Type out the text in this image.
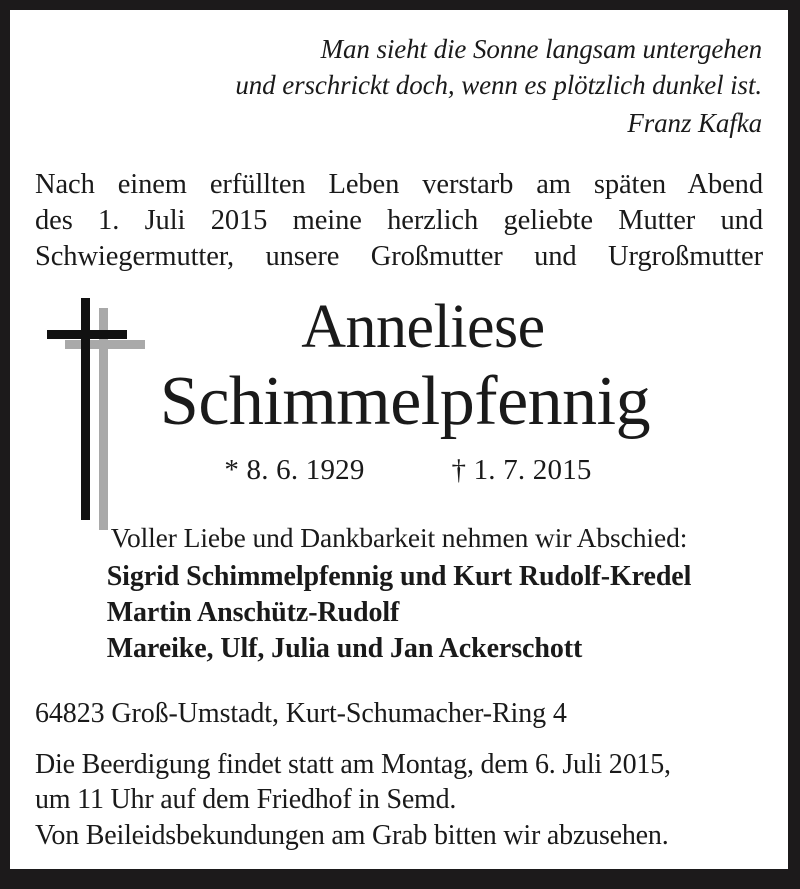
Man sieht die Sonne langsam untergehen
und erschrickt doch, wenn es plötzlich dunkel ist.
Franz Kafka
Nach einem erfüllten Leben verstarb am späten Abend
des 1. Juli 2015 meine herzlich geliebte Mutter und
Schwiegermutter, unsere Großmutter und Urgroßmutter
Anneliese
Schimmelpfennig
* 8. 6. 1929	† 1. 7. 2015
Voller Liebe und Dankbarkeit nehmen wir Abschied:
Sigrid Schimmelpfennig und Kurt Rudolf-Kredel
Martin Anschütz-Rudolf
Mareike, Ulf, Julia und Jan Ackerschott
64823 Groß-Umstadt, Kurt-Schumacher-Ring 4
Die Beerdigung findet statt am Montag, dem 6. Juli 2015,
um 11 Uhr auf dem Friedhof in Semd.
Von Beileidsbekundungen am Grab bitten wir abzusehen.
